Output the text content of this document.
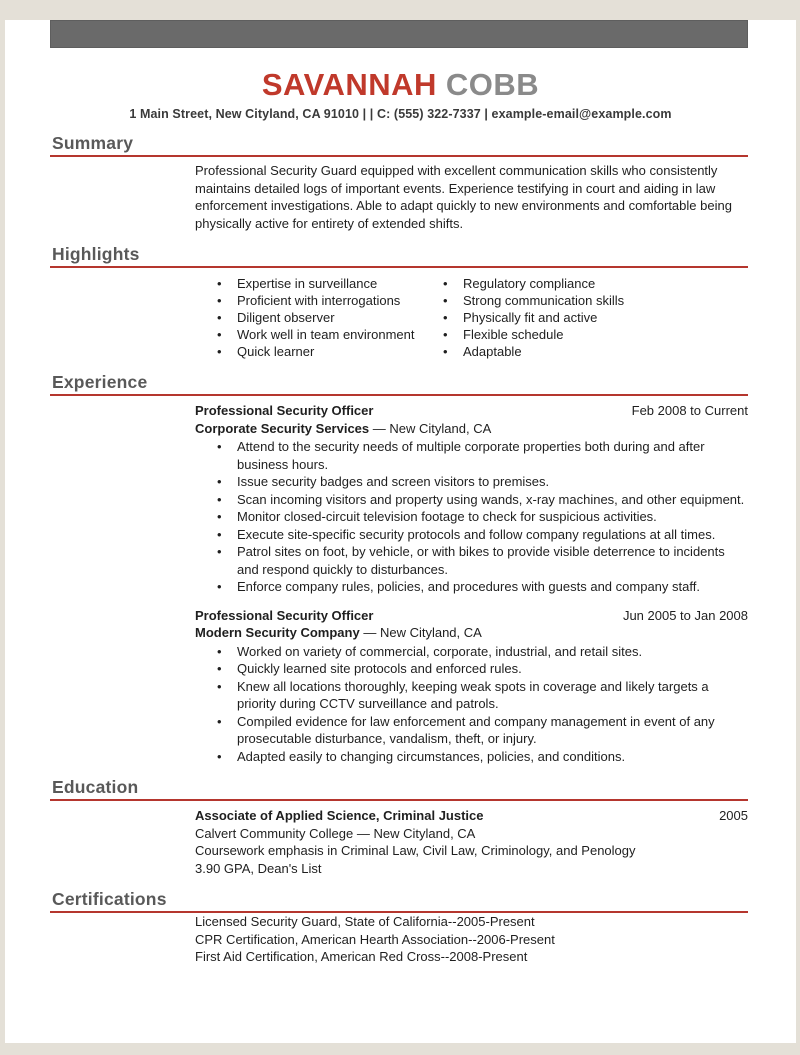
SAVANNAH COBB
1 Main Street, New Cityland, CA 91010 | | C: (555) 322-7337 | example-email@example.com
Summary
Professional Security Guard equipped with excellent communication skills who consistently maintains detailed logs of important events. Experience testifying in court and aiding in law enforcement investigations. Able to adapt quickly to new environments and comfortable being physically active for entirety of extended shifts.
Highlights
•	Expertise in surveillance
•	Proficient with interrogations
•	Diligent observer
•	Work well in team environment
•	Quick learner
•	Regulatory compliance
•	Strong communication skills
•	Physically fit and active
•	Flexible schedule
•	Adaptable
Experience
Professional Security Officer	Feb 2008 to Current
Corporate Security Services — New Cityland, CA
•	Attend to the security needs of multiple corporate properties both during and after business hours.
•	Issue security badges and screen visitors to premises.
•	Scan incoming visitors and property using wands, x-ray machines, and other equipment.
•	Monitor closed-circuit television footage to check for suspicious activities.
•	Execute site-specific security protocols and follow company regulations at all times.
•	Patrol sites on foot, by vehicle, or with bikes to provide visible deterrence to incidents and respond quickly to disturbances.
•	Enforce company rules, policies, and procedures with guests and company staff.
Professional Security Officer	Jun 2005 to Jan 2008
Modern Security Company — New Cityland, CA
•	Worked on variety of commercial, corporate, industrial, and retail sites.
•	Quickly learned site protocols and enforced rules.
•	Knew all locations thoroughly, keeping weak spots in coverage and likely targets a priority during CCTV surveillance and patrols.
•	Compiled evidence for law enforcement and company management in event of any prosecutable disturbance, vandalism, theft, or injury.
•	Adapted easily to changing circumstances, policies, and conditions.
Education
Associate of Applied Science, Criminal Justice	2005
Calvert Community College — New Cityland, CA
Coursework emphasis in Criminal Law, Civil Law, Criminology, and Penology
3.90 GPA, Dean's List
Certifications
Licensed Security Guard, State of California--2005-Present
CPR Certification, American Hearth Association--2006-Present
First Aid Certification, American Red Cross--2008-Present
